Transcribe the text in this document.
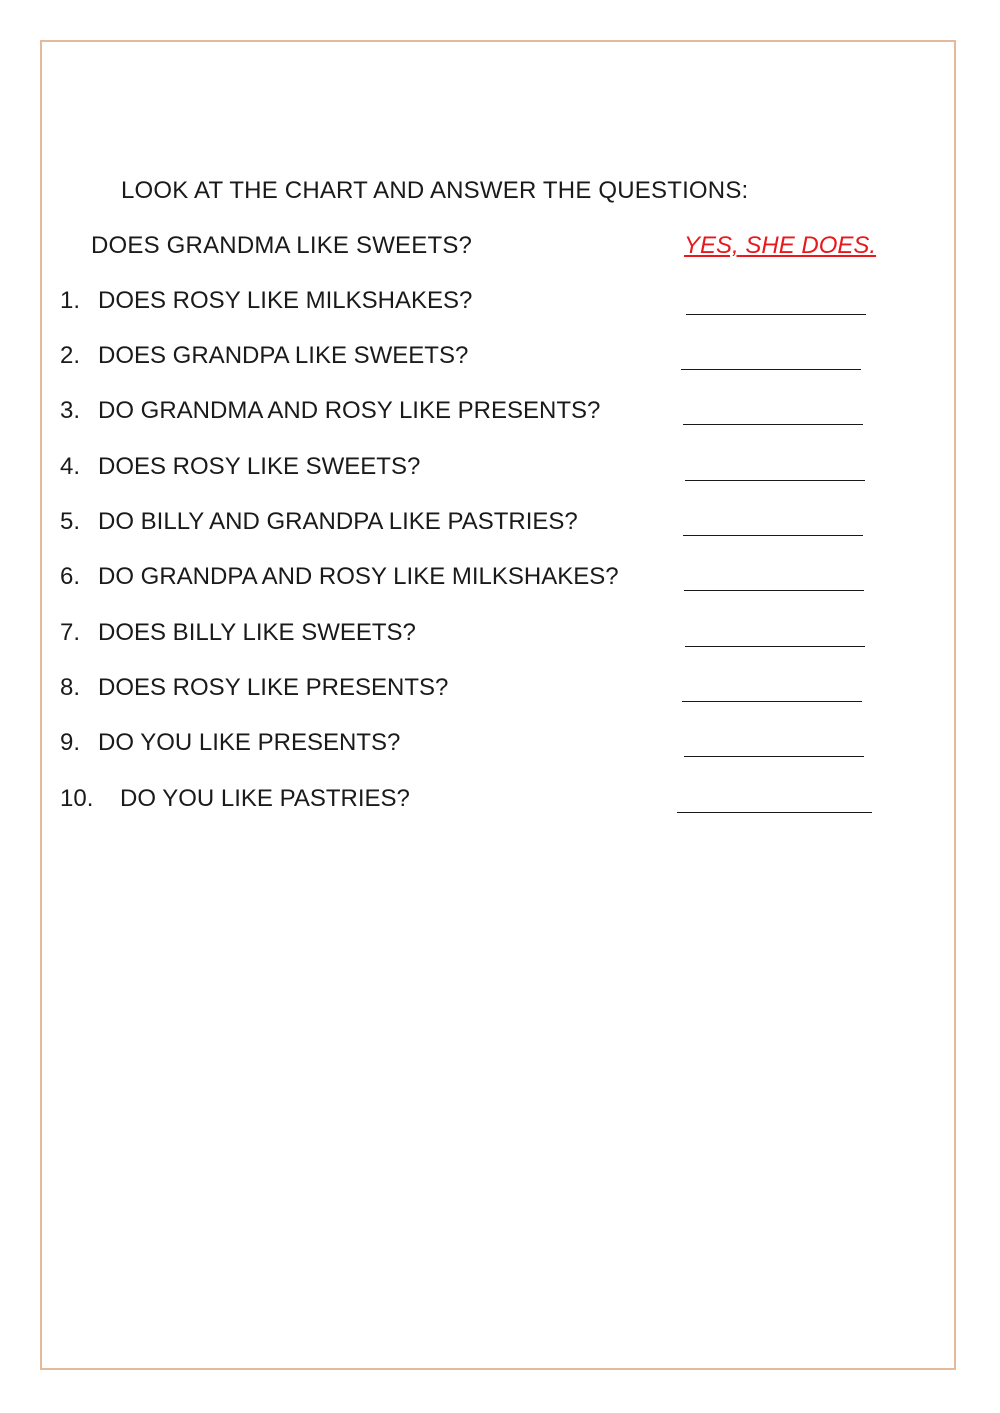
LOOK AT THE CHART AND ANSWER THE QUESTIONS:
DOES GRANDMA LIKE SWEETS?	YES, SHE DOES.
1. DOES ROSY LIKE MILKSHAKES?
2. DOES GRANDPA LIKE SWEETS?
3. DO GRANDMA AND ROSY LIKE PRESENTS?
4. DOES ROSY LIKE SWEETS?
5. DO BILLY AND GRANDPA LIKE PASTRIES?
6. DO GRANDPA AND ROSY LIKE MILKSHAKES?
7. DOES BILLY LIKE SWEETS?
8. DOES ROSY LIKE PRESENTS?
9. DO YOU LIKE PRESENTS?
10. DO YOU LIKE PASTRIES?
